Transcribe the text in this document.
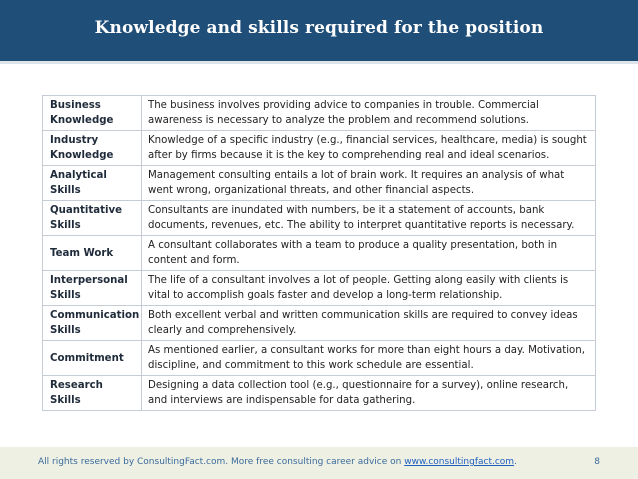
Knowledge and skills required for the position
Business Knowledge	The business involves providing advice to companies in trouble. Commercial awareness is necessary to analyze the problem and recommend solutions.
Industry Knowledge	Knowledge of a specific industry (e.g., financial services, healthcare, media) is sought after by firms because it is the key to comprehending real and ideal scenarios.
Analytical Skills	Management consulting entails a lot of brain work. It requires an analysis of what went wrong, organizational threats, and other financial aspects.
Quantitative Skills	Consultants are inundated with numbers, be it a statement of accounts, bank documents, revenues, etc. The ability to interpret quantitative reports is necessary.
Team Work	A consultant collaborates with a team to produce a quality presentation, both in content and form.
Interpersonal Skills	The life of a consultant involves a lot of people. Getting along easily with clients is vital to accomplish goals faster and develop a long-term relationship.
Communication Skills	Both excellent verbal and written communication skills are required to convey ideas clearly and comprehensively.
Commitment	As mentioned earlier, a consultant works for more than eight hours a day. Motivation, discipline, and commitment to this work schedule are essential.
Research Skills	Designing a data collection tool (e.g., questionnaire for a survey), online research, and interviews are indispensable for data gathering.
All rights reserved by ConsultingFact.com. More free consulting career advice on www.consultingfact.com.	8
